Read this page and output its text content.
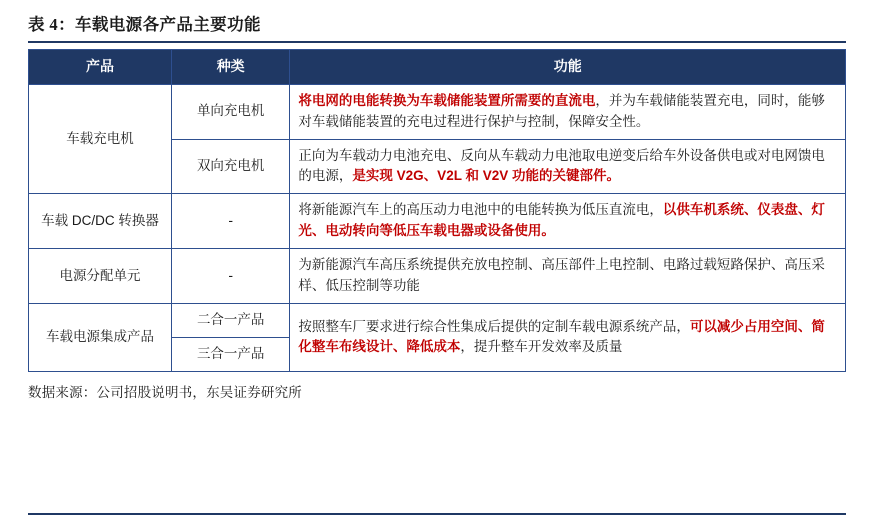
表 4：车载电源各产品主要功能
产品	种类	功能
车载充电机	单向充电机	将电网的电能转换为车载储能装置所需要的直流电，并为车载储能装置充电，同时，能够对车载储能装置的充电过程进行保护与控制，保障安全性。
	双向充电机	正向为车载动力电池充电、反向从车载动力电池取电逆变后给车外设备供电或对电网馈电的电源，是实现 V2G、V2L 和 V2V 功能的关键部件。
车载 DC/DC 转换器	-	将新能源汽车上的高压动力电池中的电能转换为低压直流电，以供车机系统、仪表盘、灯光、电动转向等低压车载电器或设备使用。
电源分配单元	-	为新能源汽车高压系统提供充放电控制、高压部件上电控制、电路过载短路保护、高压采样、低压控制等功能
车载电源集成产品	二合一产品	按照整车厂要求进行综合性集成后提供的定制车载电源系统产品，可以减少占用空间、简化整车布线设计、降低成本，提升整车开发效率及质量
	三合一产品	
数据来源：公司招股说明书，东吴证券研究所
